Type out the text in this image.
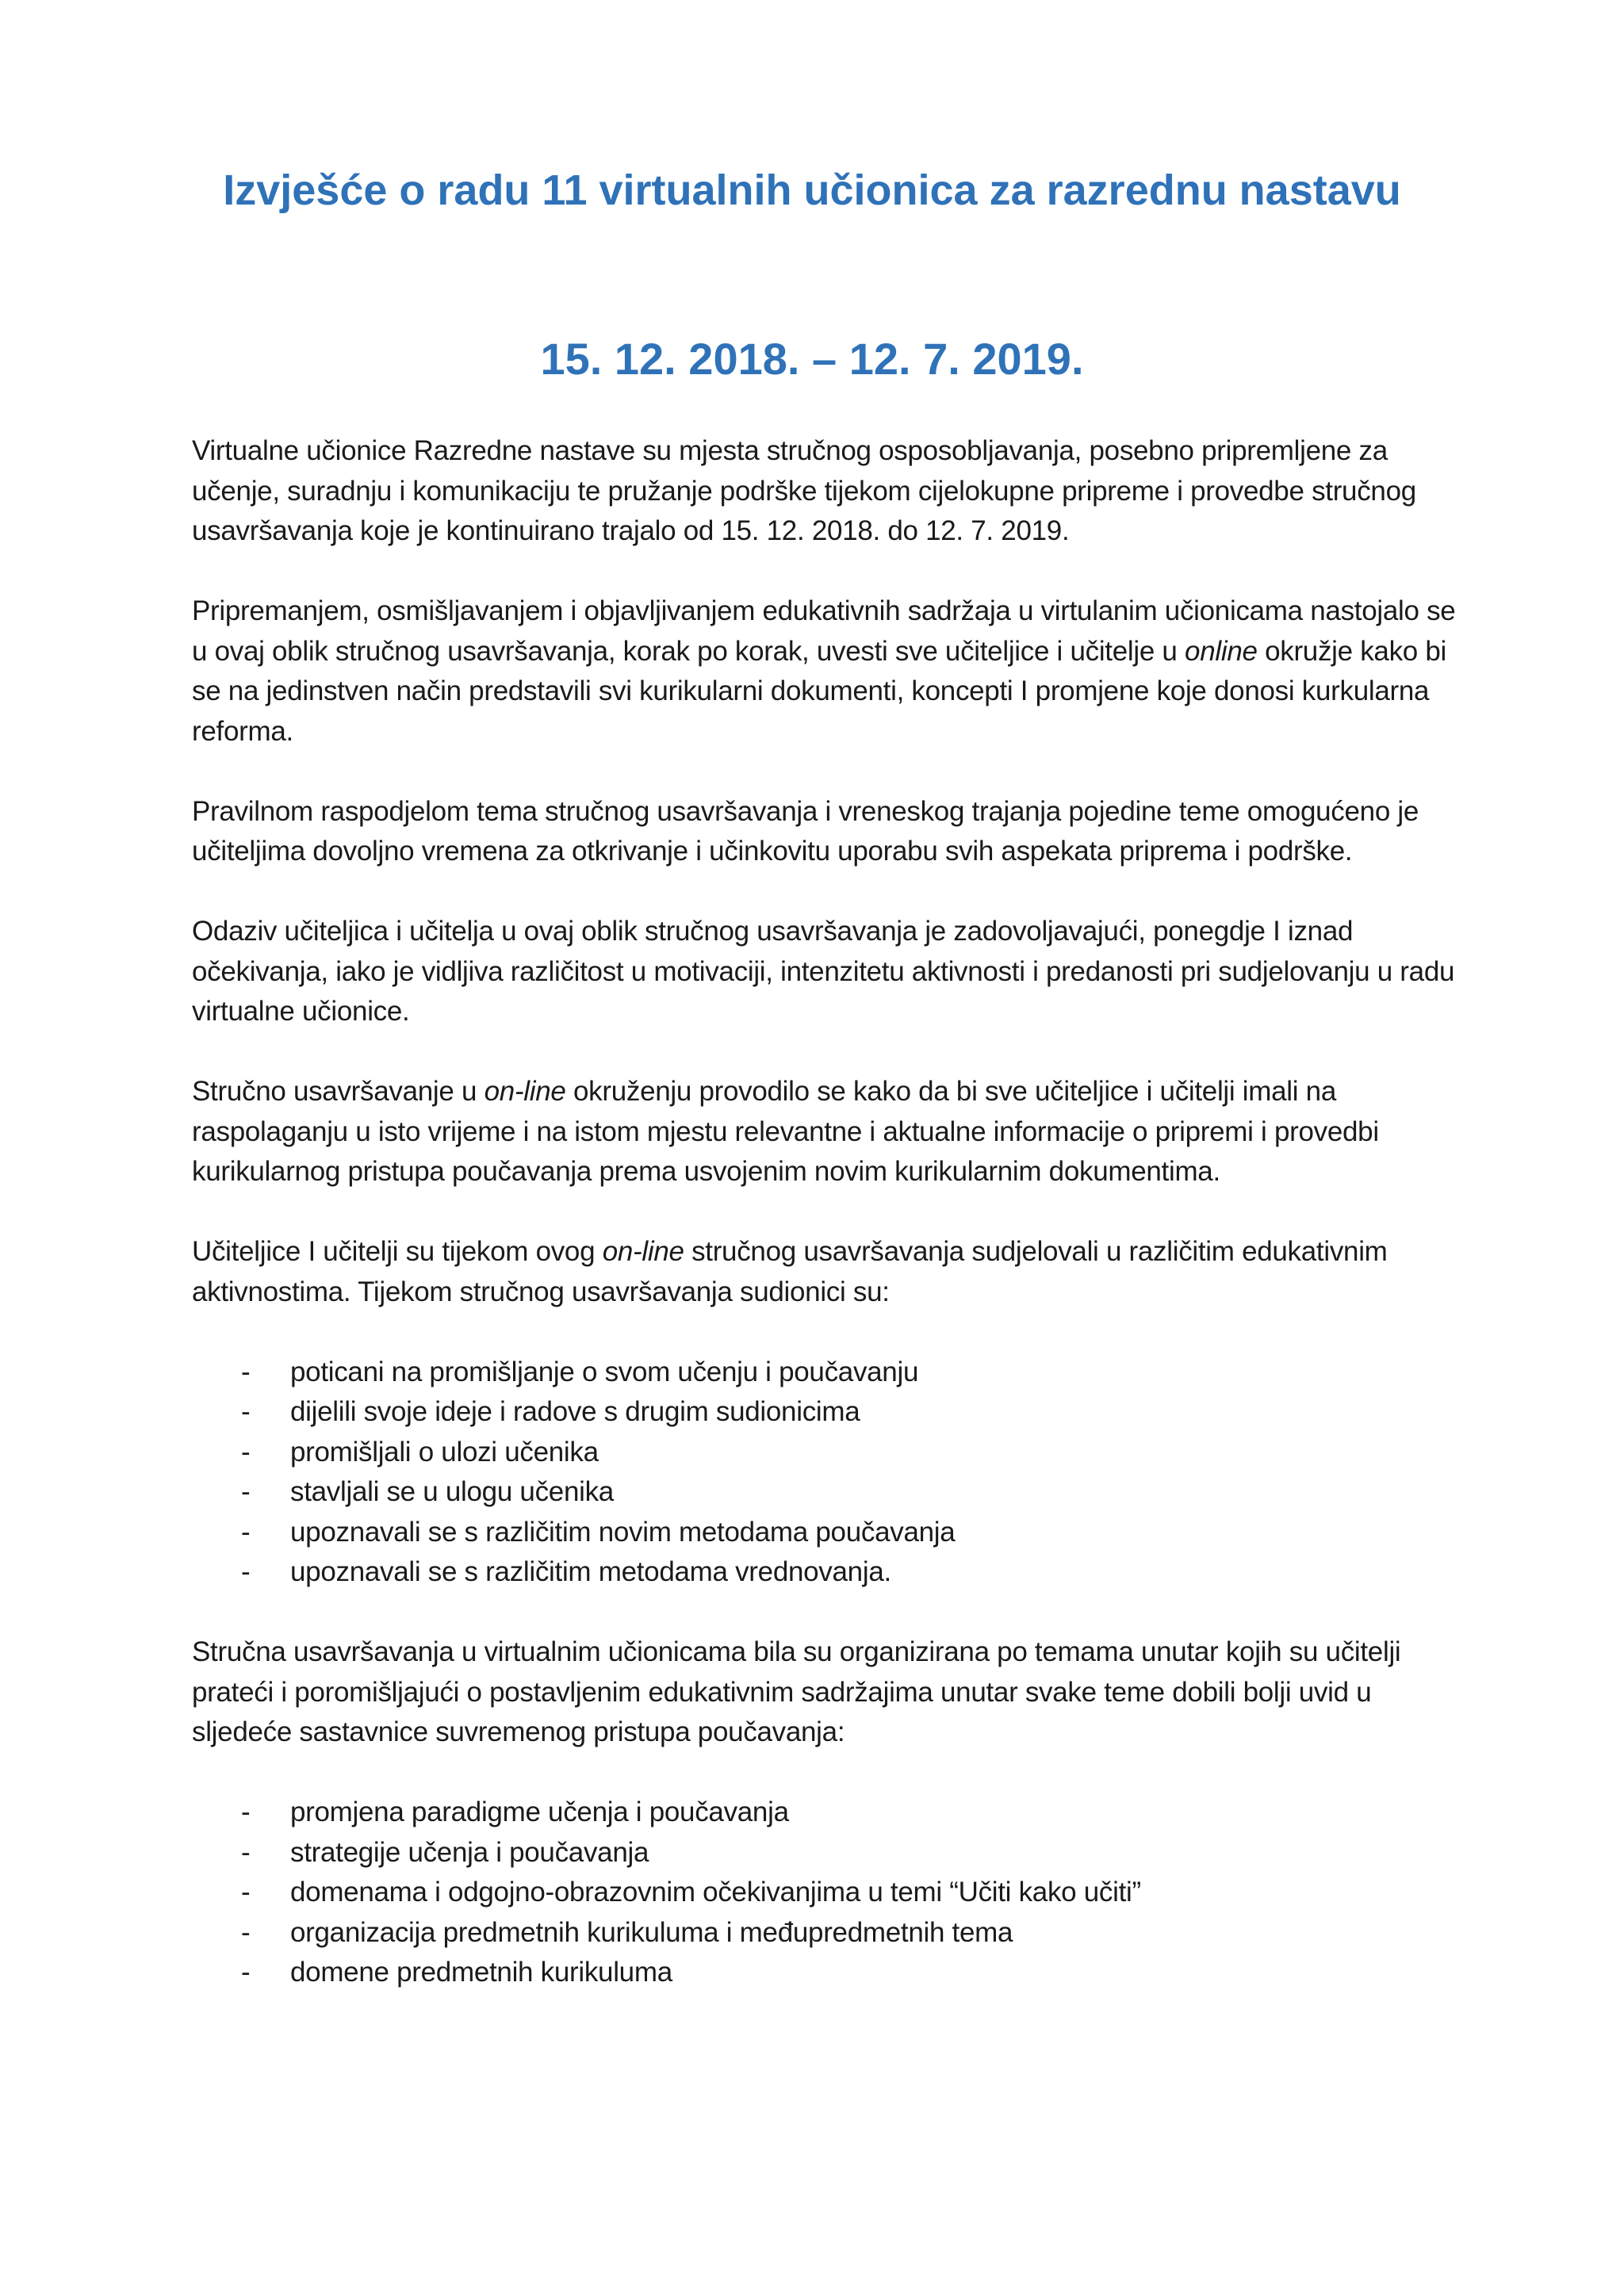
Izvješće o radu 11 virtualnih učionica za razrednu nastavu
15. 12. 2018. – 12. 7. 2019.

Virtualne učionice Razredne nastave su mjesta stručnog osposobljavanja, posebno pripremljene za učenje, suradnju i komunikaciju te pružanje podrške tijekom cijelokupne pripreme i provedbe stručnog usavršavanja koje je kontinuirano trajalo od 15. 12. 2018. do 12. 7. 2019.

Pripremanjem, osmišljavanjem i objavljivanjem edukativnih sadržaja u virtulanim učionicama nastojalo se u ovaj oblik stručnog usavršavanja, korak po korak, uvesti sve učiteljice i učitelje u online okružje kako bi se na jedinstven način predstavili svi kurikularni dokumenti, koncepti I promjene koje donosi kurkularna reforma.

Pravilnom raspodjelom tema stručnog usavršavanja i vreneskog trajanja pojedine teme omogućeno je učiteljima dovoljno vremena za otkrivanje i učinkovitu uporabu svih aspekata priprema i podrške.

Odaziv učiteljica i učitelja u ovaj oblik stručnog usavršavanja je zadovoljavajući, ponegdje I iznad očekivanja, iako je vidljiva različitost u motivaciji, intenzitetu aktivnosti i predanosti pri sudjelovanju u radu virtualne učionice.

Stručno usavršavanje u on-line okruženju provodilo se kako da bi sve učiteljice i učitelji imali na raspolaganju u isto vrijeme i na istom mjestu relevantne i aktualne informacije o pripremi i provedbi kurikularnog pristupa poučavanja prema usvojenim novim kurikularnim dokumentima.

Učiteljice I učitelji su tijekom ovog on-line stručnog usavršavanja sudjelovali u različitim edukativnim aktivnostima. Tijekom stručnog usavršavanja sudionici su:

- poticani na promišljanje o svom učenju i poučavanju
- dijelili svoje ideje i radove s drugim sudionicima
- promišljali o ulozi učenika
- stavljali se u ulogu učenika
- upoznavali se s različitim novim metodama poučavanja
- upoznavali se s različitim metodama vrednovanja.

Stručna usavršavanja u virtualnim učionicama bila su organizirana po temama unutar kojih su učitelji prateći i poromišljajući o postavljenim edukativnim sadržajima unutar svake teme dobili bolji uvid u sljedeće sastavnice suvremenog pristupa poučavanja:

- promjena paradigme učenja i poučavanja
- strategije učenja i poučavanja
- domenama i odgojno-obrazovnim očekivanjima u temi “Učiti kako učiti”
- organizacija predmetnih kurikuluma i međupredmetnih tema
- domene predmetnih kurikuluma
